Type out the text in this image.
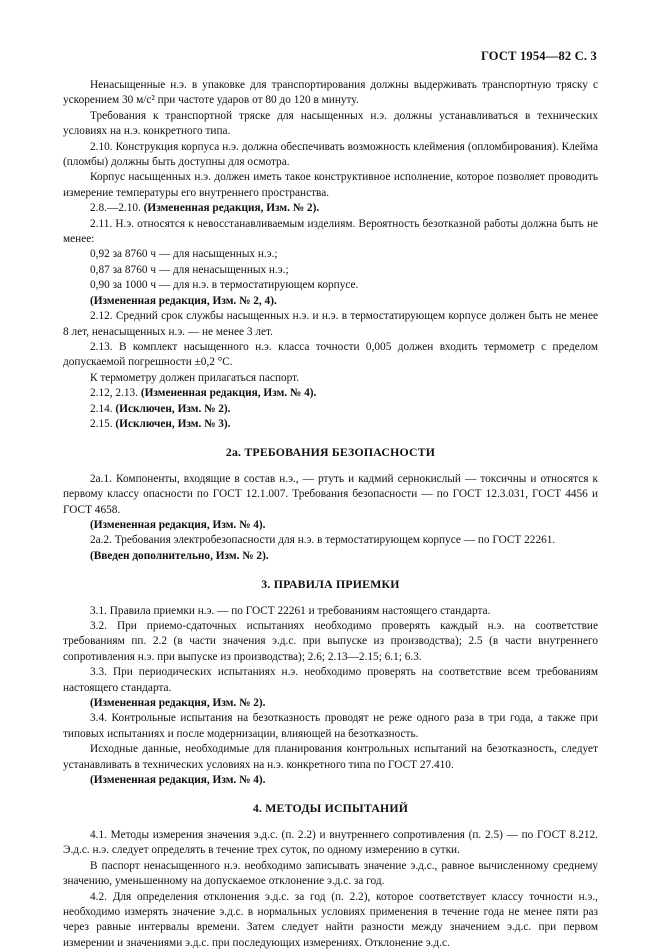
ГОСТ 1954—82 С. 3

Ненасыщенные н.э. в упаковке для транспортирования должны выдерживать транспортную тряску с ускорением 30 м/с² при частоте ударов от 80 до 120 в минуту.

Требования к транспортной тряске для насыщенных н.э. должны устанавливаться в технических условиях на н.э. конкретного типа.

2.10. Конструкция корпуса н.э. должна обеспечивать возможность клеймения (опломбирования). Клейма (пломбы) должны быть доступны для осмотра.

Корпус насыщенных н.э. должен иметь такое конструктивное исполнение, которое позволяет проводить измерение температуры его внутреннего пространства.

2.8.—2.10. (Измененная редакция, Изм. № 2).

2.11. Н.э. относятся к невосстанавливаемым изделиям. Вероятность безотказной работы должна быть не менее:

0,92 за 8760 ч — для насыщенных н.э.;

0,87 за 8760 ч — для ненасыщенных н.э.;

0,90 за 1000 ч — для н.э. в термостатирующем корпусе.

(Измененная редакция, Изм. № 2, 4).

2.12. Средний срок службы насыщенных н.э. и н.э. в термостатирующем корпусе должен быть не менее 8 лет, ненасыщенных н.э. — не менее 3 лет.

2.13. В комплект насыщенного н.э. класса точности 0,005 должен входить термометр с пределом допускаемой погрешности ±0,2 °С.

К термометру должен прилагаться паспорт.

2.12, 2.13. (Измененная редакция, Изм. № 4).

2.14. (Исключен, Изм. № 2).

2.15. (Исключен, Изм. № 3).

2а. ТРЕБОВАНИЯ БЕЗОПАСНОСТИ

2а.1. Компоненты, входящие в состав н.э., — ртуть и кадмий сернокислый — токсичны и относятся к первому классу опасности по ГОСТ 12.1.007. Требования безопасности — по ГОСТ 12.3.031, ГОСТ 4456 и ГОСТ 4658.

(Измененная редакция, Изм. № 4).

2а.2. Требования электробезопасности для н.э. в термостатирующем корпусе — по ГОСТ 22261.

(Введен дополнительно, Изм. № 2).

3. ПРАВИЛА ПРИЕМКИ

3.1. Правила приемки н.э. — по ГОСТ 22261 и требованиям настоящего стандарта.

3.2. При приемо-сдаточных испытаниях необходимо проверять каждый н.э. на соответствие требованиям пп. 2.2 (в части значения э.д.с. при выпуске из производства); 2.5 (в части внутреннего сопротивления н.э. при выпуске из производства); 2.6; 2.13—2.15; 6.1; 6.3.

3.3. При периодических испытаниях н.э. необходимо проверять на соответствие всем требованиям настоящего стандарта.

(Измененная редакция, Изм. № 2).

3.4. Контрольные испытания на безотказность проводят не реже одного раза в три года, а также при типовых испытаниях и после модернизации, влияющей на безотказность.

Исходные данные, необходимые для планирования контрольных испытаний на безотказность, следует устанавливать в технических условиях на н.э. конкретного типа по ГОСТ 27.410.

(Измененная редакция, Изм. № 4).

4. МЕТОДЫ ИСПЫТАНИЙ

4.1. Методы измерения значения э.д.с. (п. 2.2) и внутреннего сопротивления (п. 2.5) — по ГОСТ 8.212. Э.д.с. н.э. следует определять в течение трех суток, по одному измерению в сутки.

В паспорт ненасыщенного н.э. необходимо записывать значение э.д.с., равное вычисленному среднему значению, уменьшенному на допускаемое отклонение э.д.с. за год.

4.2. Для определения отклонения э.д.с. за год (п. 2.2), которое соответствует классу точности н.э., необходимо измерять значение э.д.с. в нормальных условиях применения в течение года не менее пяти раз через равные интервалы времени. Затем следует найти разности между значением э.д.с. при первом измерении и значениями э.д.с. при последующих измерениях. Отклонение э.д.с.
